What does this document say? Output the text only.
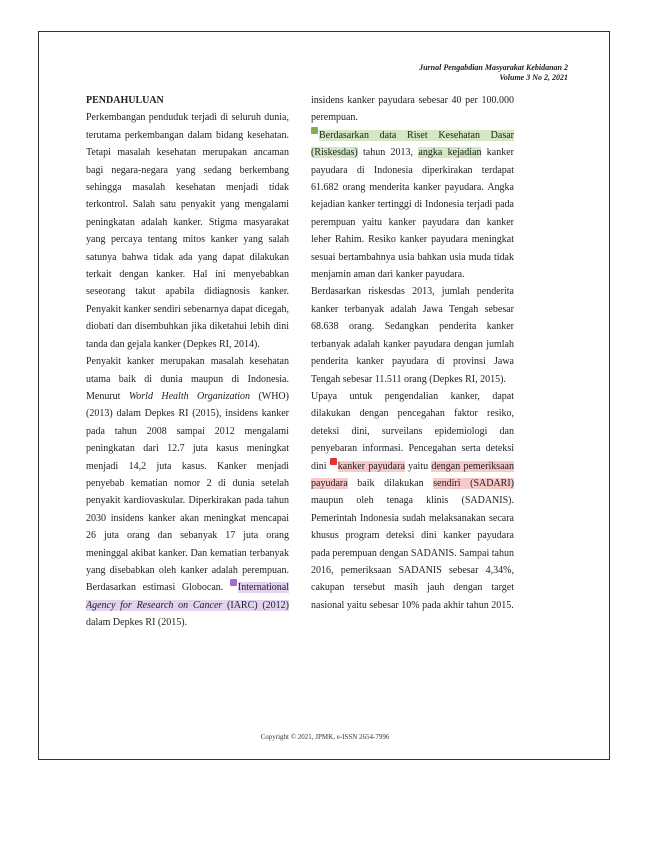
Jurnal Pengabdian Masyarakat Kebidanan 2
Volume 3 No 2, 2021

PENDAHULUAN

Perkembangan penduduk terjadi di seluruh dunia, terutama perkembangan dalam bidang kesehatan. Tetapi masalah kesehatan merupakan ancaman bagi negara-negara yang sedang berkembang sehingga masalah kesehatan menjadi tidak terkontrol. Salah satu penyakit yang mengalami peningkatan adalah kanker. Stigma masyarakat yang percaya tentang mitos kanker yang salah satunya bahwa tidak ada yang dapat dilakukan terkait dengan kanker. Hal ini menyebabkan seseorang takut apabila didiagnosis kanker. Penyakit kanker sendiri sebenarnya dapat dicegah, diobati dan disembuhkan jika diketahui lebih dini tanda dan gejala kanker (Depkes RI, 2014).

Penyakit kanker merupakan masalah kesehatan utama baik di dunia maupun di Indonesia. Menurut World Health Organization (WHO) (2013) dalam Depkes RI (2015), insidens kanker pada tahun 2008 sampai 2012 mengalami peningkatan dari 12.7 juta kasus meningkat menjadi 14,2 juta kasus. Kanker menjadi penyebab kematian nomor 2 di dunia setelah penyakit kardiovaskular. Diperkirakan pada tahun 2030 insidens kanker akan meningkat mencapai 26 juta orang dan sebanyak 17 juta orang meninggal akibat kanker. Dan kematian terbanyak yang disebabkan oleh kanker adalah perempuan. Berdasarkan estimasi Globocan. International Agency for Research on Cancer (IARC) (2012) dalam Depkes RI (2015).

insidens kanker payudara sebesar 40 per 100.000 perempuan.

Berdasarkan data Riset Kesehatan Dasar (Riskesdas) tahun 2013, angka kejadian kanker payudara di Indonesia diperkirakan terdapat 61.682 orang menderita kanker payudara. Angka kejadian kanker tertinggi di Indonesia terjadi pada perempuan yaitu kanker payudara dan kanker leher Rahim. Resiko kanker payudara meningkat sesuai bertambahnya usia bahkan usia muda tidak menjamin aman dari kanker payudara.

Berdasarkan riskesdas 2013, jumlah penderita kanker terbanyak adalah Jawa Tengah sebesar 68.638 orang. Sedangkan penderita kanker terbanyak adalah kanker payudara dengan jumlah penderita kanker payudara di provinsi Jawa Tengah sebesar 11.511 orang (Depkes RI, 2015).

Upaya untuk pengendalian kanker, dapat dilakukan dengan pencegahan faktor resiko, deteksi dini, surveilans epidemiologi dan penyebaran informasi. Pencegahan serta deteksi dini kanker payudara yaitu dengan pemeriksaan payudara baik dilakukan sendiri (SADARI) maupun oleh tenaga klinis (SADANIS). Pemerintah Indonesia sudah melaksanakan secara khusus program deteksi dini kanker payudara pada perempuan dengan SADANIS. Sampai tahun 2016, pemeriksaan SADANIS sebesar 4,34%, cakupan tersebut masih jauh dengan target nasional yaitu sebesar 10% pada akhir tahun 2015.

Copyright © 2021, JPMK, e-ISSN 2654-7996
